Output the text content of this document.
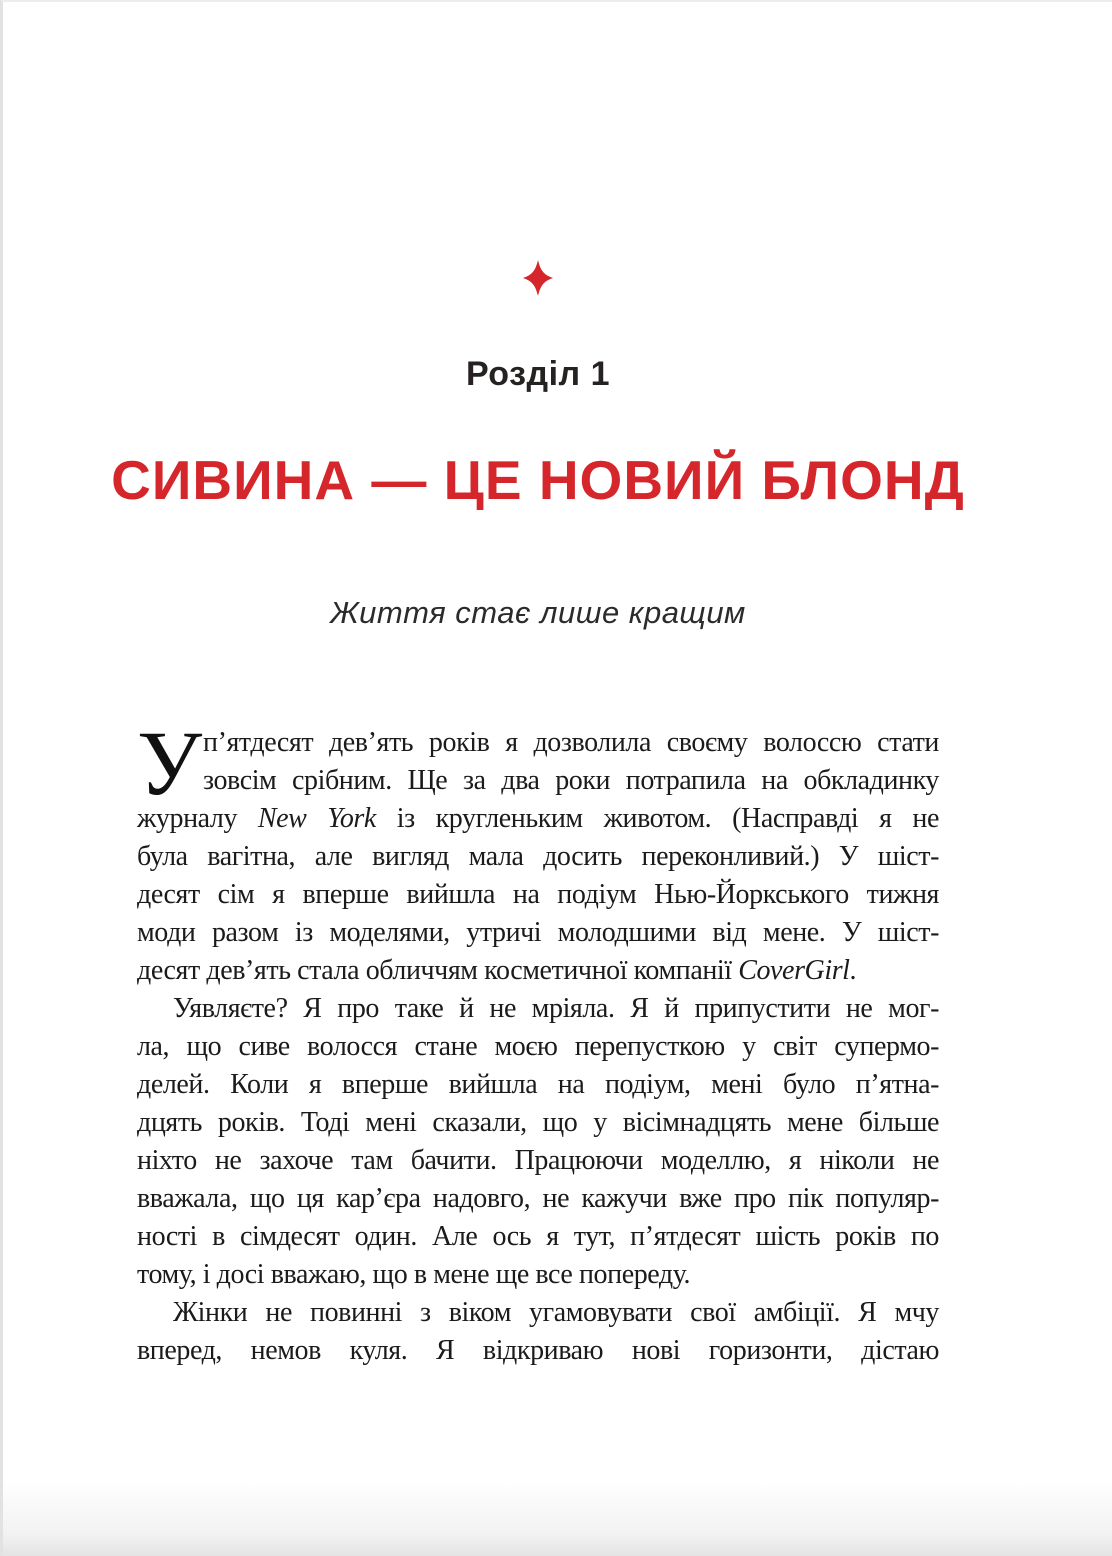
Розділ 1
СИВИНА — ЦЕ НОВИЙ БЛОНД
Життя стає лише кращим
У п’ятдесят дев’ять років я дозволила своєму волоссю стати
зовсім срібним. Ще за два роки потрапила на обкладинку
журналу New York із кругленьким животом. (Насправді я не
була вагітна, але вигляд мала досить переконливий.) У шіст-
десят сім я вперше вийшла на подіум Нью-Йоркського тижня
моди разом із моделями, утричі молодшими від мене. У шіст-
десят дев’ять стала обличчям косметичної компанії CoverGirl.
Уявляєте? Я про таке й не мріяла. Я й припустити не мог-
ла, що сиве волосся стане моєю перепусткою у світ супермо-
делей. Коли я вперше вийшла на подіум, мені було п’ятна-
дцять років. Тоді мені сказали, що у вісімнадцять мене більше
ніхто не захоче там бачити. Працюючи моделлю, я ніколи не
вважала, що ця кар’єра надовго, не кажучи вже про пік популяр-
ності в сімдесят один. Але ось я тут, п’ятдесят шість років по
тому, і досі вважаю, що в мене ще все попереду.
Жінки не повинні з віком угамовувати свої амбіції. Я мчу
вперед, немов куля. Я відкриваю нові горизонти, дістаю
